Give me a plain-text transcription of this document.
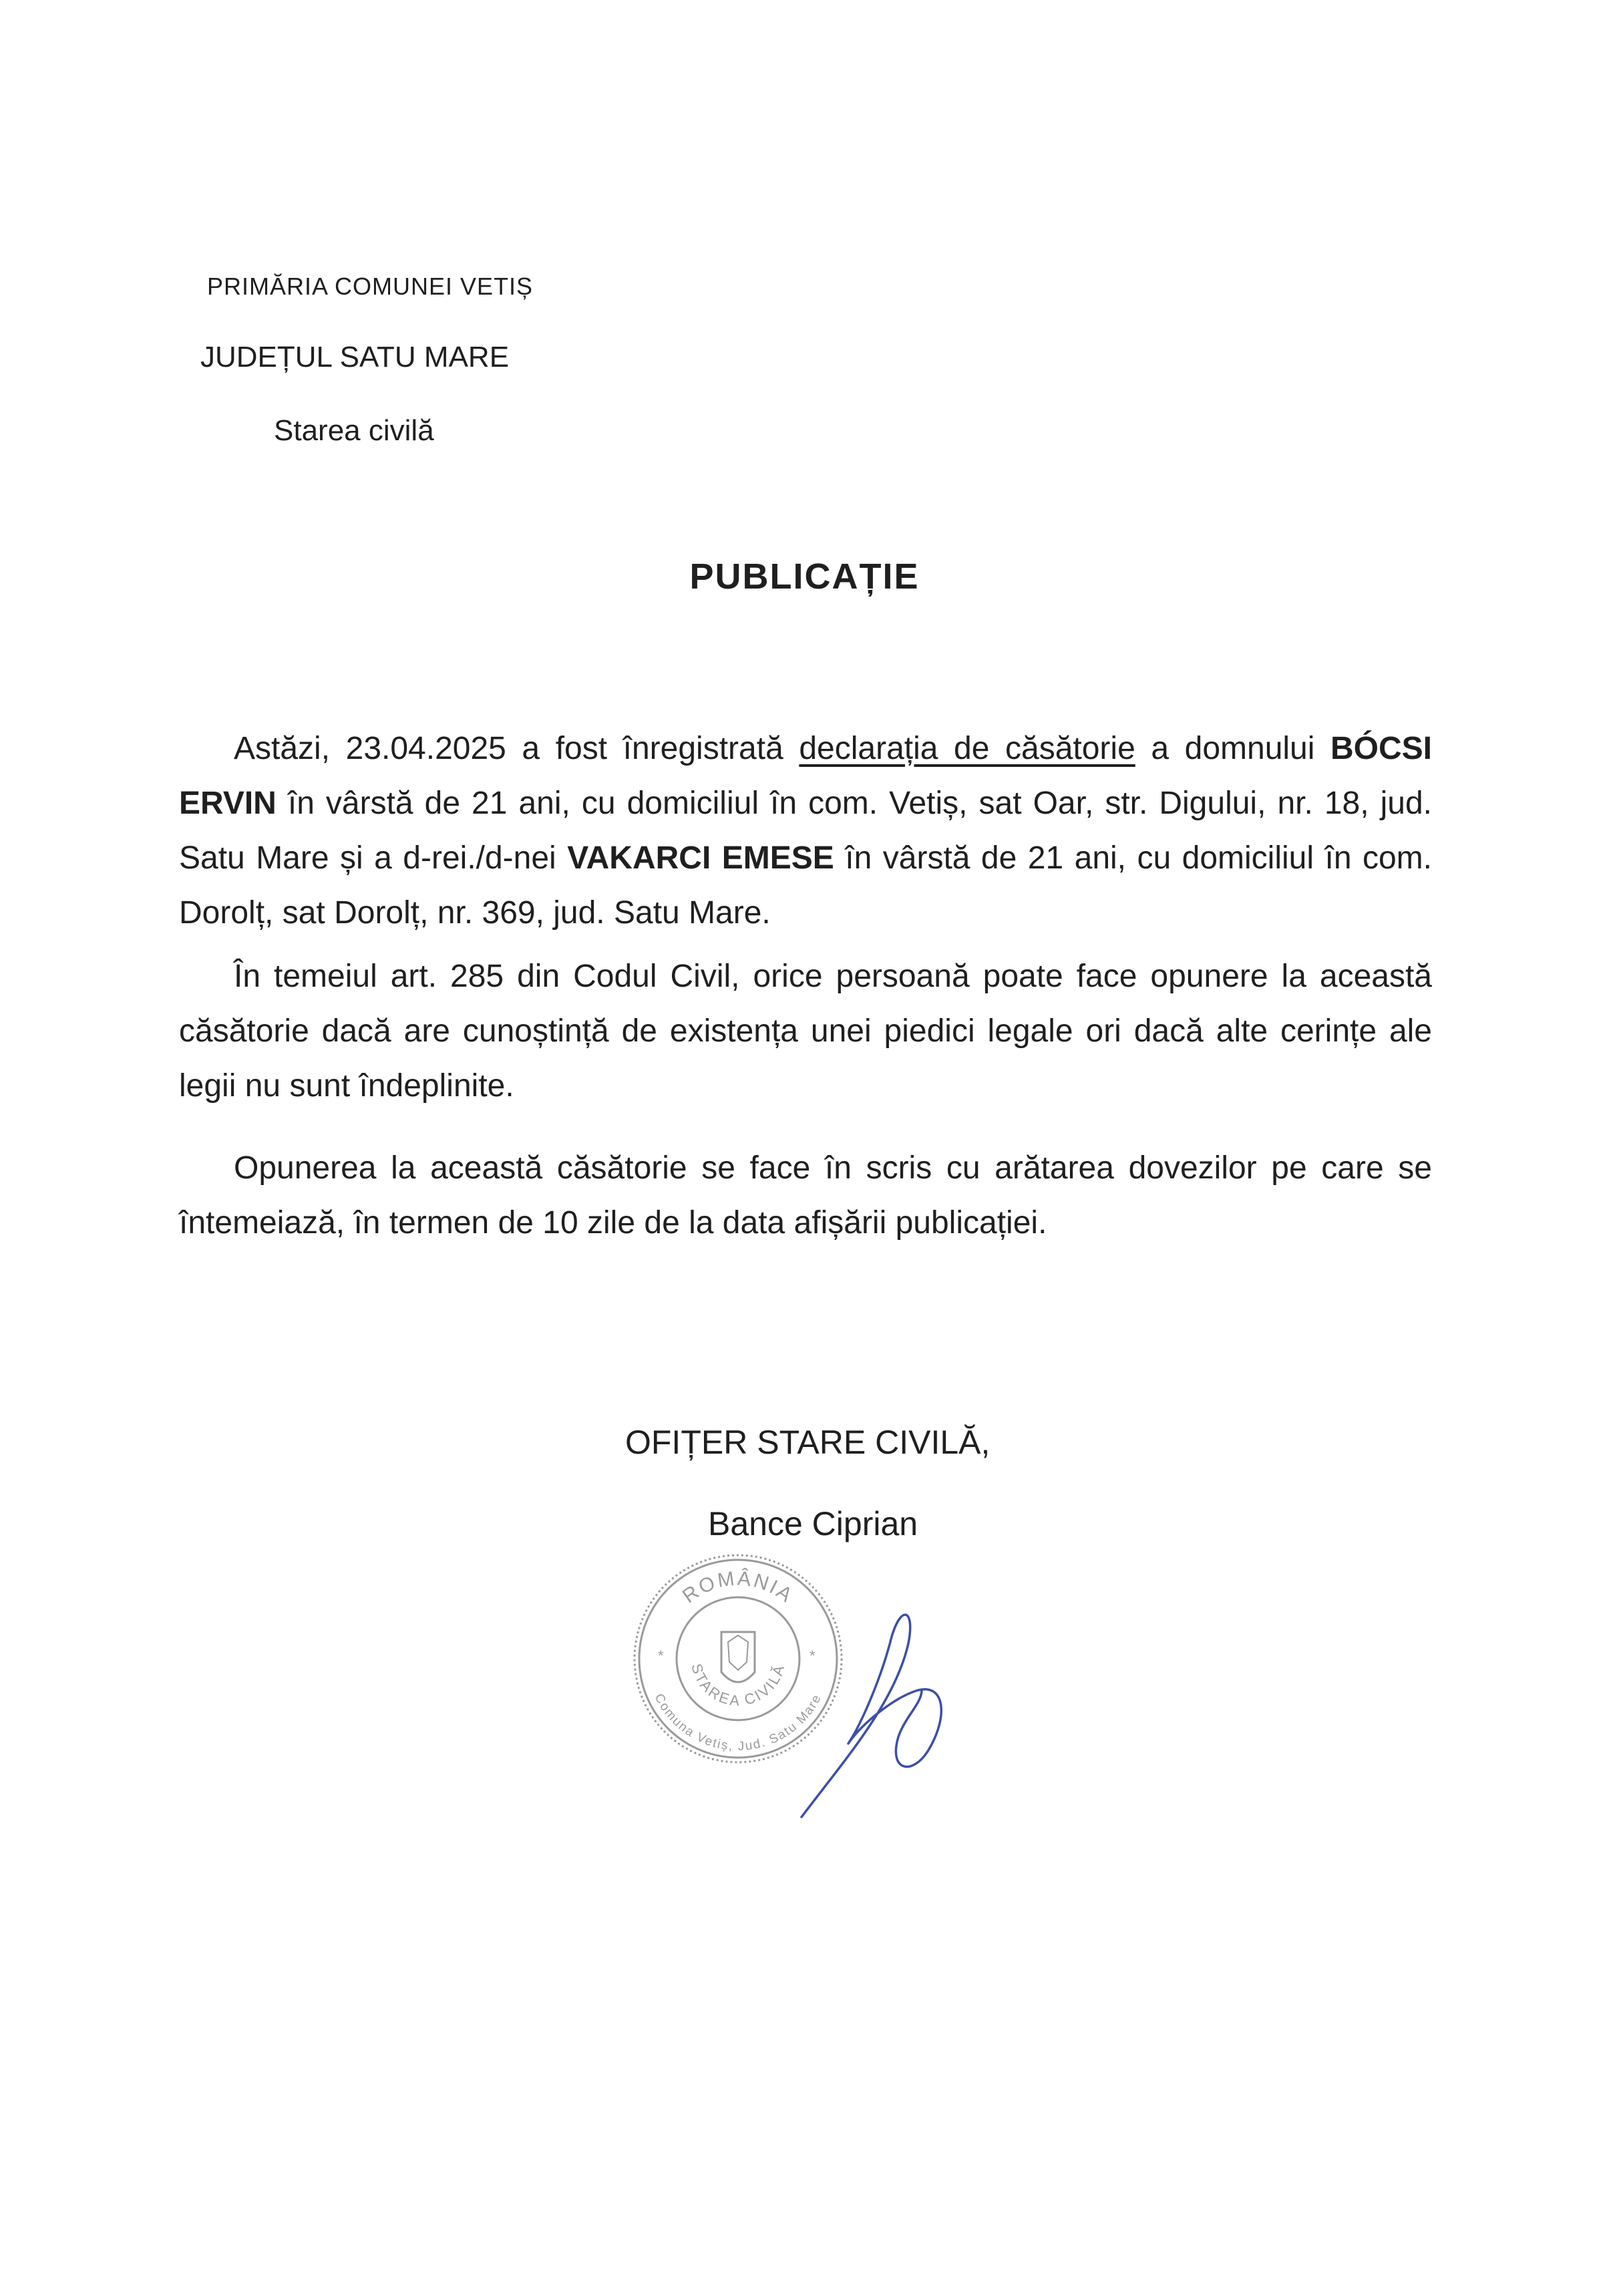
PRIMĂRIA COMUNEI VETIȘ
JUDEȚUL SATU MARE
Starea civilă
PUBLICAȚIE
Astăzi, 23.04.2025 a fost înregistrată declarația de căsătorie a domnului BÓCSI ERVIN în vârstă de 21 ani, cu domiciliul în com. Vetiș, sat Oar, str. Digului, nr. 18, jud. Satu Mare și a d-rei./d-nei VAKARCI EMESE în vârstă de 21 ani, cu domiciliul în com. Dorolț, sat Dorolț, nr. 369, jud. Satu Mare.
În temeiul art. 285 din Codul Civil, orice persoană poate face opunere la această căsătorie dacă are cunoștință de existența unei piedici legale ori dacă alte cerințe ale legii nu sunt îndeplinite.
Opunerea la această căsătorie se face în scris cu arătarea dovezilor pe care se întemeiază, în termen de 10 zile de la data afișării publicației.
OFIȚER STARE CIVILĂ,
Bance Ciprian
ROMÂNIA
STAREA CIVILĂ
Comuna Vetiș, Jud. Satu Mare
*	*
